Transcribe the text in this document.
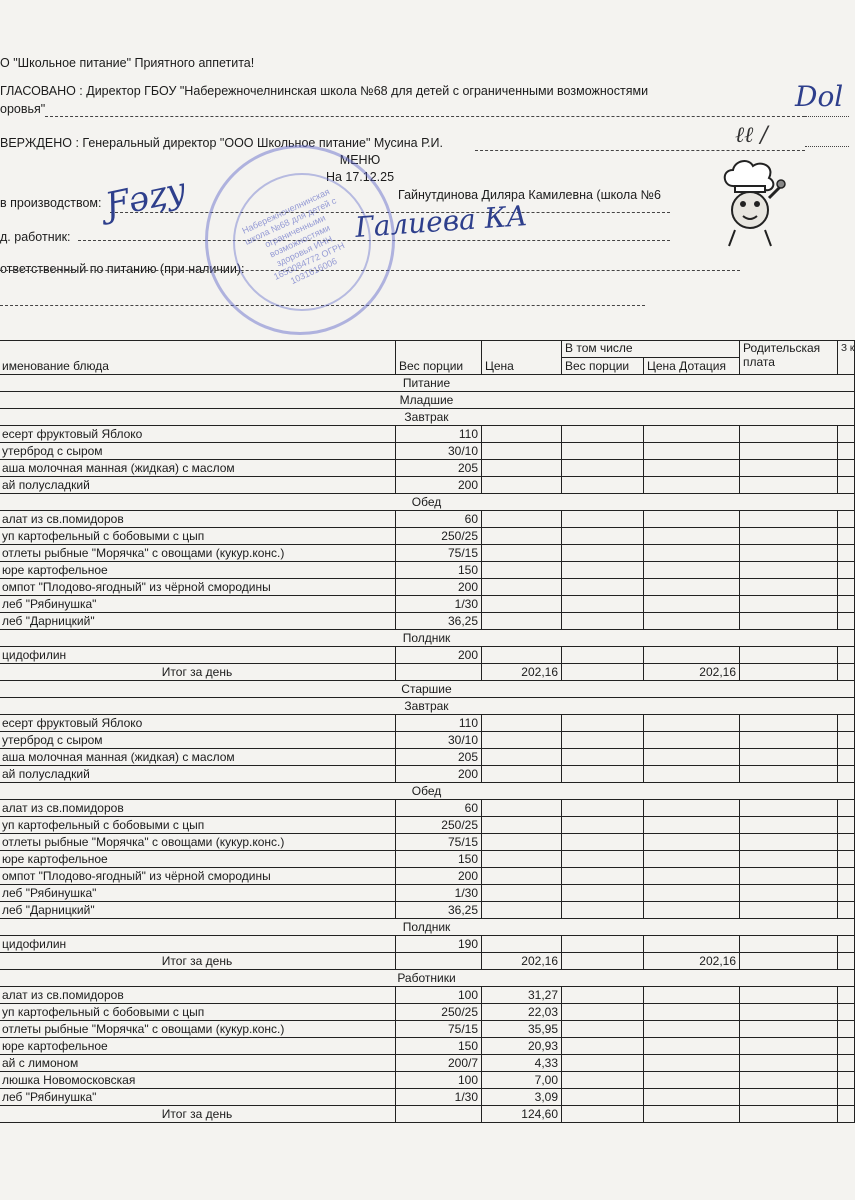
О "Школьное питание" Приятного аппетита!
ГЛАСОВАНО : Директор ГБОУ "Набережночелнинская школа №68 для детей с ограниченными возможностями
оровья"
ВЕРЖДЕНО : Генеральный директор "ООО Школьное питание" Мусина Р.И.
МЕНЮ
На 17.12.25
в производством:
Гайнутдинова Диляра Камилевна (школа №6
д. работник:
ответственный по питанию (при наличии):
Набережночелнинская школа №68 для детей с ограниченными возможностями здоровья ИНН 1650084772 ОГРН 1031616006
Ƒǝȥу	Галиева КА
Dol
ℓℓ /
именование блюда	Вес порции	Цена	В том числе		Родительская плата	З к
			Вес порции	Цена Дотация		
Питание						
Младшие						
Завтрак						
есерт фруктовый Яблоко	110					
утерброд с сыром	30/10					
аша молочная манная (жидкая) с маслом	205					
ай полусладкий	200					
Обед						
алат из св.помидоров	60					
уп картофельный с бобовыми с цып	250/25					
отлеты рыбные "Морячка" с овощами (кукур.конс.)	75/15					
юре картофельное	150					
омпот "Плодово-ягодный" из чёрной смородины	200					
леб "Рябинушка"	1/30					
леб "Дарницкий"	36,25					
Полдник						
цидофилин	200					
Итог за день		202,16		202,16		
Старшие						
Завтрак						
есерт фруктовый Яблоко	110					
утерброд с сыром	30/10					
аша молочная манная (жидкая) с маслом	205					
ай полусладкий	200					
Обед						
алат из св.помидоров	60					
уп картофельный с бобовыми с цып	250/25					
отлеты рыбные "Морячка" с овощами (кукур.конс.)	75/15					
юре картофельное	150					
омпот "Плодово-ягодный" из чёрной смородины	200					
леб "Рябинушка"	1/30					
леб "Дарницкий"	36,25					
Полдник						
цидофилин	190					
Итог за день		202,16		202,16		
Работники						
алат из св.помидоров	100	31,27				
уп картофельный с бобовыми с цып	250/25	22,03				
отлеты рыбные "Морячка" с овощами (кукур.конс.)	75/15	35,95				
юре картофельное	150	20,93				
ай с лимоном	200/7	4,33				
люшка Новомосковская	100	7,00				
леб "Рябинушка"	1/30	3,09				
Итог за день		124,60				
